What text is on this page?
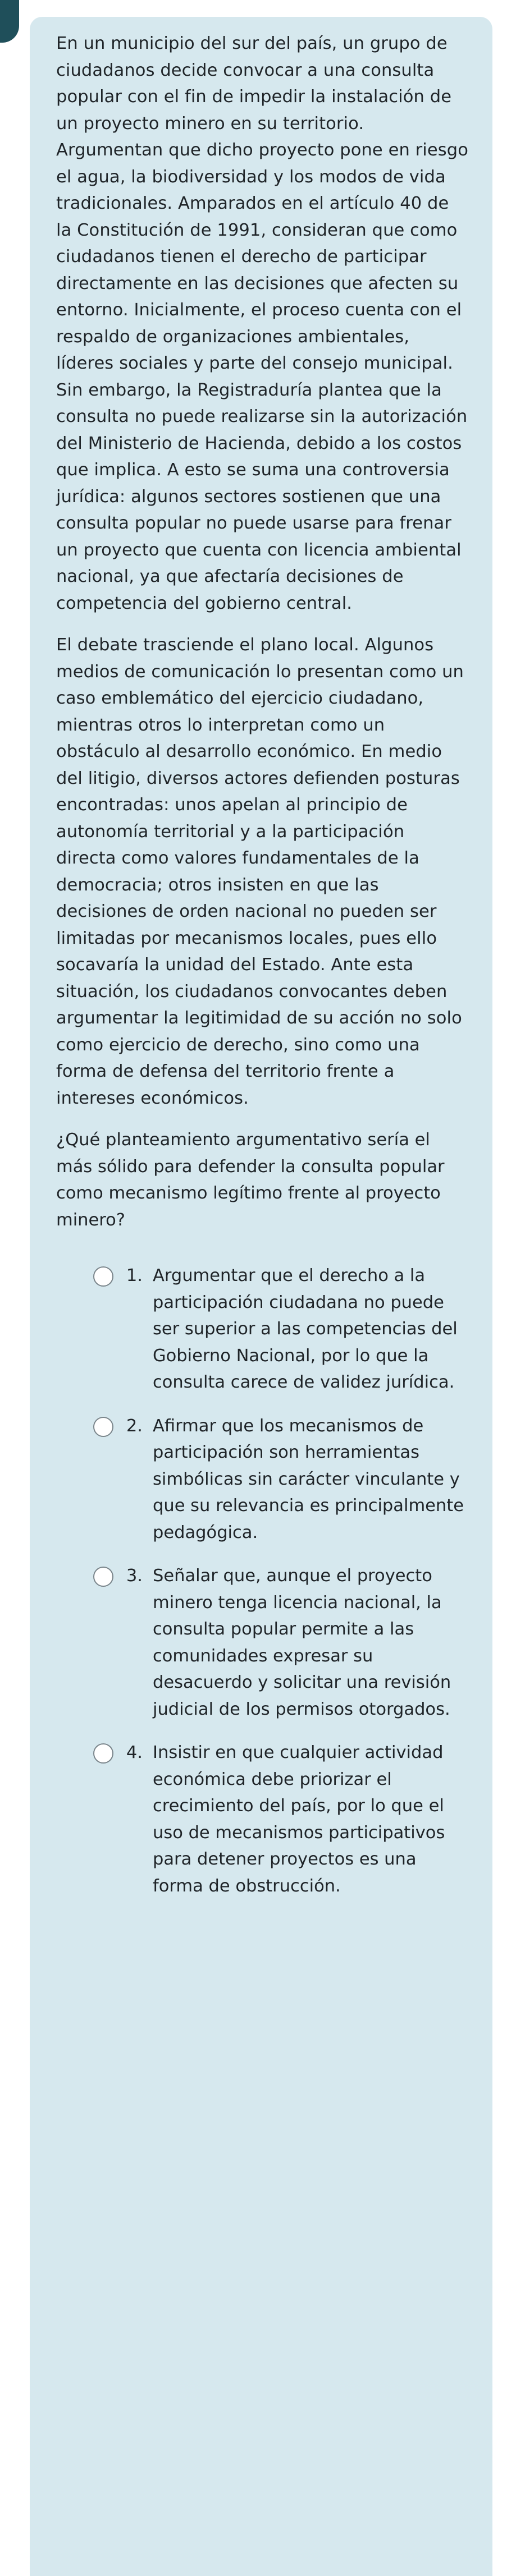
En un municipio del sur del país, un grupo de ciudadanos decide convocar a una consulta popular con el fin de impedir la instalación de un proyecto minero en su territorio. Argumentan que dicho proyecto pone en riesgo el agua, la biodiversidad y los modos de vida tradicionales. Amparados en el artículo 40 de la Constitución de 1991, consideran que como ciudadanos tienen el derecho de participar directamente en las decisiones que afecten su entorno. Inicialmente, el proceso cuenta con el respaldo de organizaciones ambientales, líderes sociales y parte del consejo municipal. Sin embargo, la Registraduría plantea que la consulta no puede realizarse sin la autorización del Ministerio de Hacienda, debido a los costos que implica. A esto se suma una controversia jurídica: algunos sectores sostienen que una consulta popular no puede usarse para frenar un proyecto que cuenta con licencia ambiental nacional, ya que afectaría decisiones de competencia del gobierno central.

El debate trasciende el plano local. Algunos medios de comunicación lo presentan como un caso emblemático del ejercicio ciudadano, mientras otros lo interpretan como un obstáculo al desarrollo económico. En medio del litigio, diversos actores defienden posturas encontradas: unos apelan al principio de autonomía territorial y a la participación directa como valores fundamentales de la democracia; otros insisten en que las decisiones de orden nacional no pueden ser limitadas por mecanismos locales, pues ello socavaría la unidad del Estado. Ante esta situación, los ciudadanos convocantes deben argumentar la legitimidad de su acción no solo como ejercicio de derecho, sino como una forma de defensa del territorio frente a intereses económicos.

¿Qué planteamiento argumentativo sería el más sólido para defender la consulta popular como mecanismo legítimo frente al proyecto minero?

1. Argumentar que el derecho a la participación ciudadana no puede ser superior a las competencias del Gobierno Nacional, por lo que la consulta carece de validez jurídica.
2. Afirmar que los mecanismos de participación son herramientas simbólicas sin carácter vinculante y que su relevancia es principalmente pedagógica.
3. Señalar que, aunque el proyecto minero tenga licencia nacional, la consulta popular permite a las comunidades expresar su desacuerdo y solicitar una revisión judicial de los permisos otorgados.
4. Insistir en que cualquier actividad económica debe priorizar el crecimiento del país, por lo que el uso de mecanismos participativos para detener proyectos es una forma de obstrucción.
